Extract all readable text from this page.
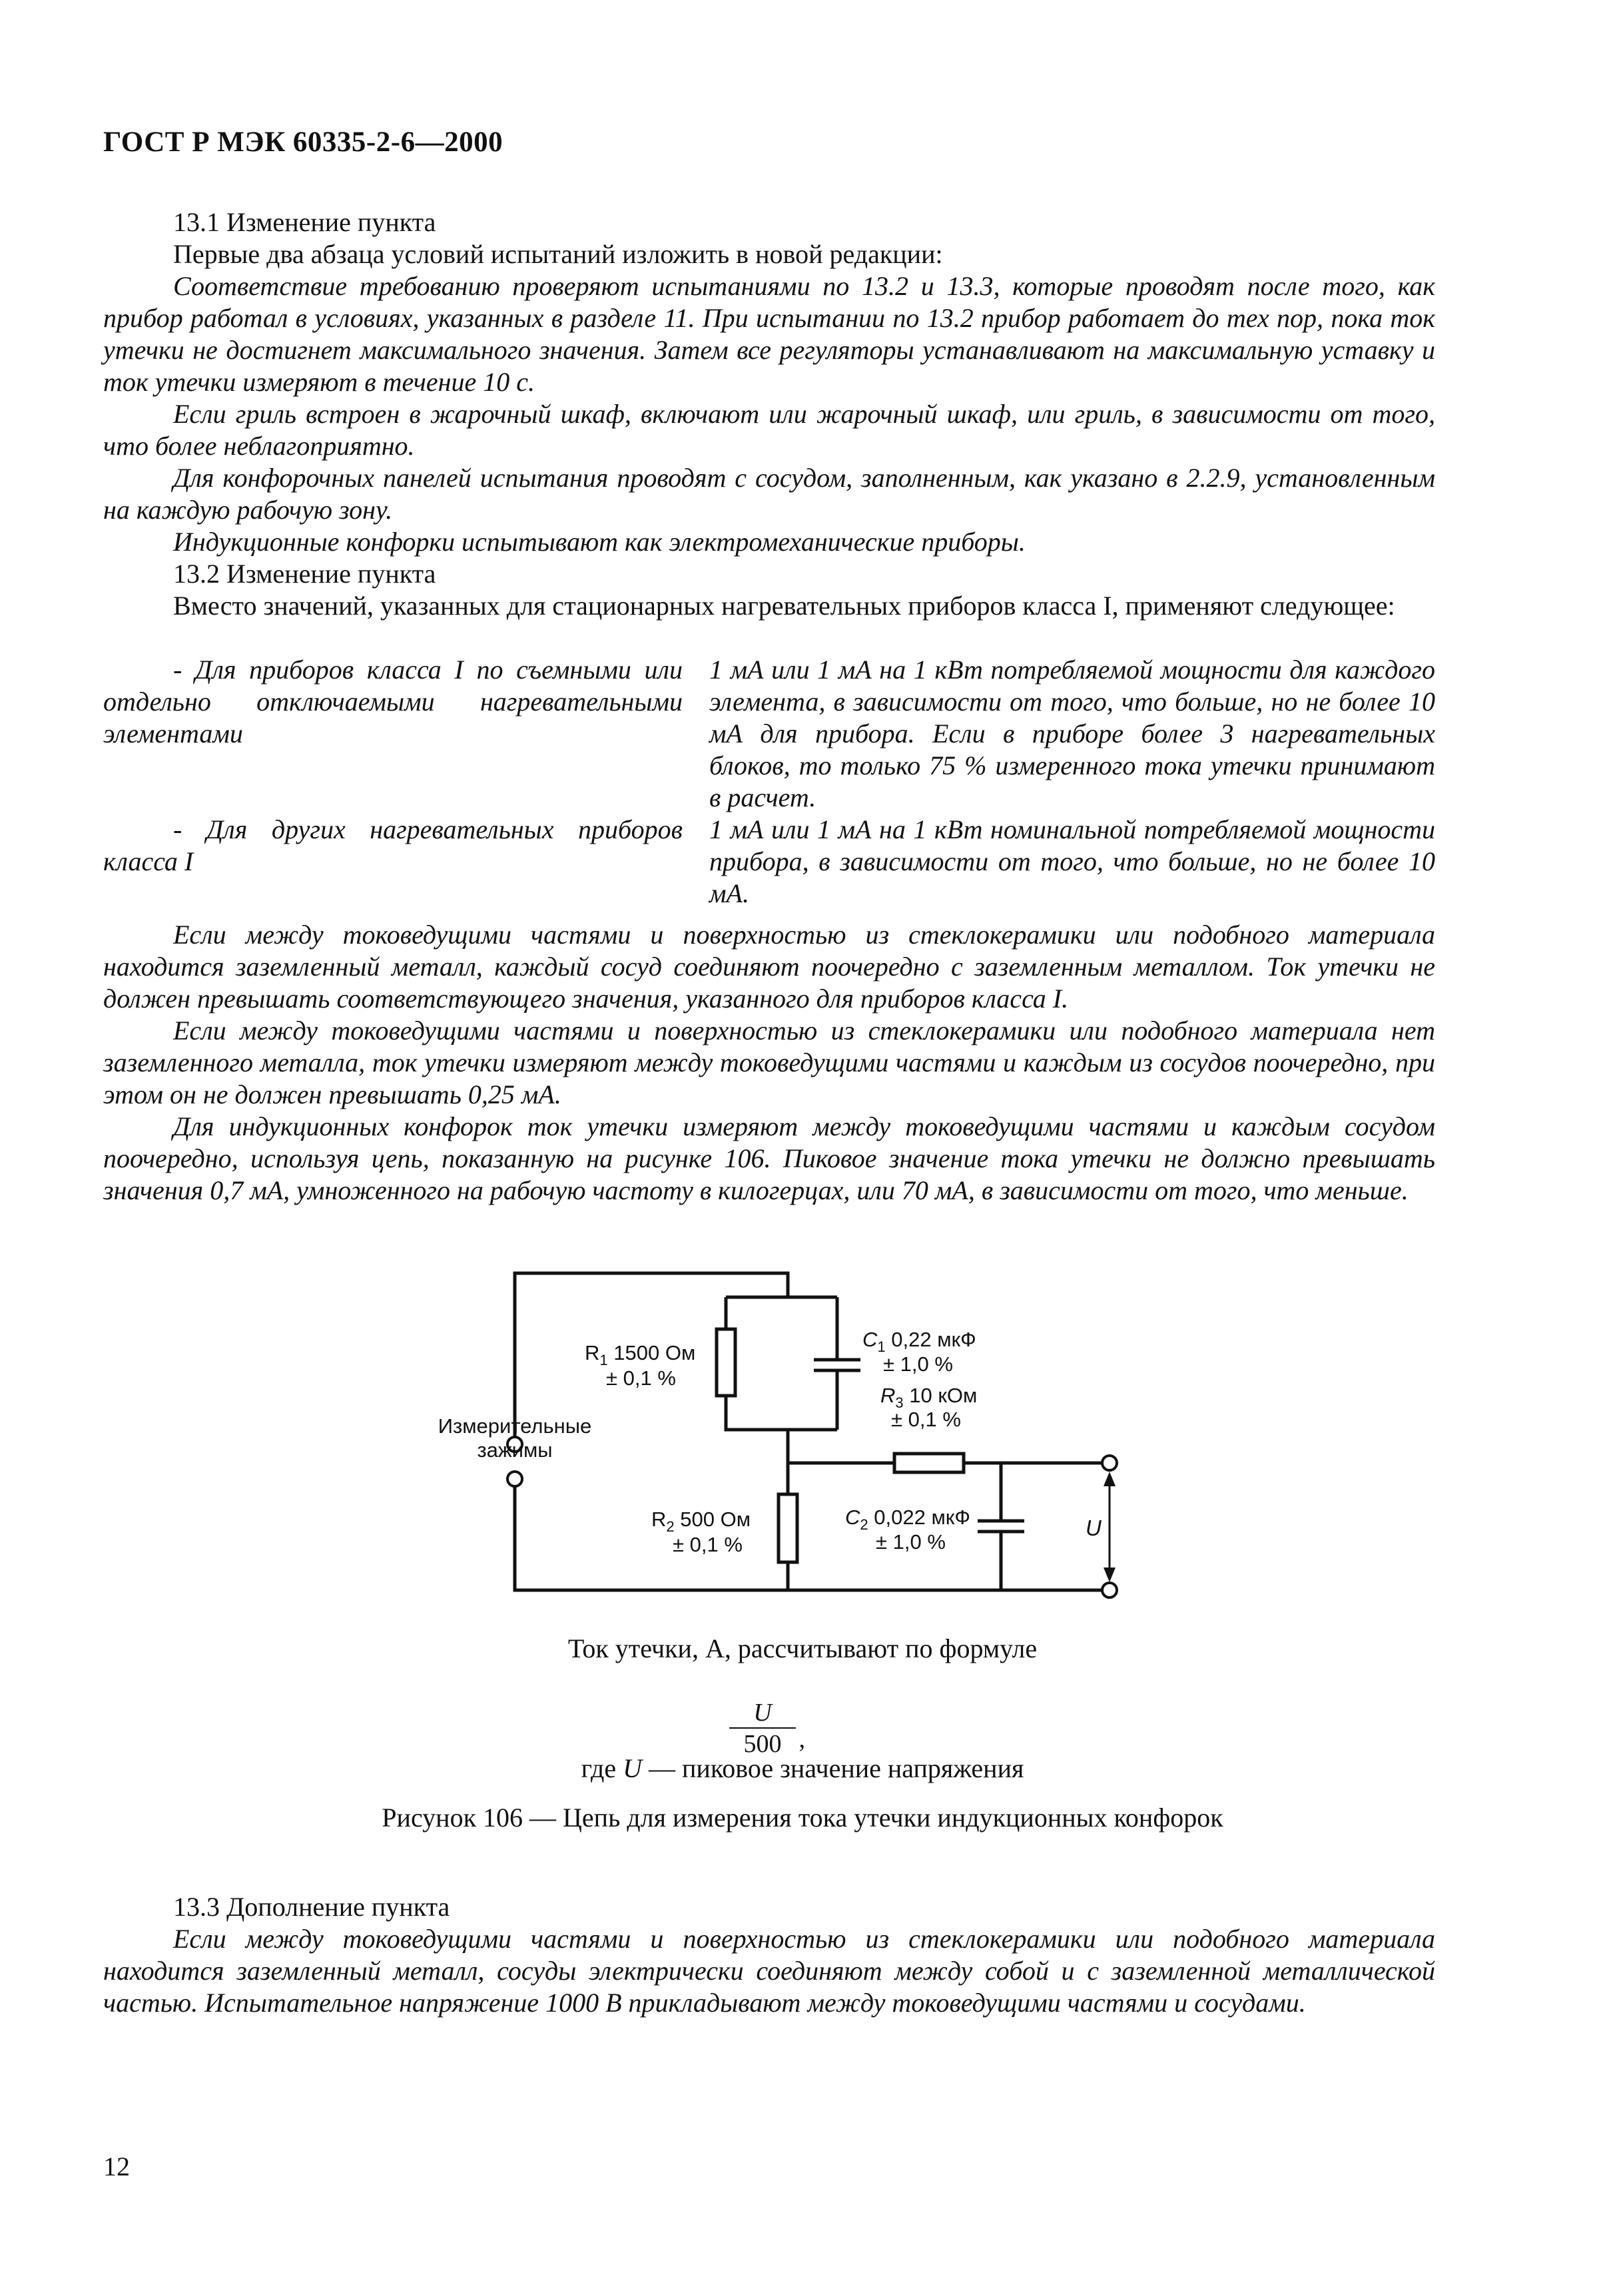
ГОСТ Р МЭК 60335-2-6—2000

13.1 Изменение пункта

Первые два абзаца условий испытаний изложить в новой редакции:

Соответствие требованию проверяют испытаниями по 13.2 и 13.3, которые проводят после того, как прибор работал в условиях, указанных в разделе 11. При испытании по 13.2 прибор работает до тех пор, пока ток утечки не достигнет максимального значения. Затем все регуляторы устанавливают на максимальную уставку и ток утечки измеряют в течение 10 с.

Если гриль встроен в жарочный шкаф, включают или жарочный шкаф, или гриль, в зависимости от того, что более неблагоприятно.

Для конфорочных панелей испытания проводят с сосудом, заполненным, как указано в 2.2.9, установленным на каждую рабочую зону.

Индукционные конфорки испытывают как электромеханические приборы.

13.2 Изменение пункта

Вместо значений, указанных для стационарных нагревательных приборов класса I, применяют следующее:

- Для приборов класса I по съемными или отдельно отключаемыми нагревательными элементами

1 мА или 1 мА на 1 кВт потребляемой мощности для каждого элемента, в зависимости от того, что больше, но не более 10 мА для прибора. Если в приборе более 3 нагревательных блоков, то только 75 % измеренного тока утечки принимают в расчет.

- Для других нагревательных приборов класса I

1 мА или 1 мА на 1 кВт номинальной потребляемой мощности прибора, в зависимости от того, что больше, но не более 10 мА.

Если между токоведущими частями и поверхностью из стеклокерамики или подобного материала находится заземленный металл, каждый сосуд соединяют поочередно с заземленным металлом. Ток утечки не должен превышать соответствующего значения, указанного для приборов класса I.

Если между токоведущими частями и поверхностью из стеклокерамики или подобного материала нет заземленного металла, ток утечки измеряют между токоведущими частями и каждым из сосудов поочередно, при этом он не должен превышать 0,25 мА.

Для индукционных конфорок ток утечки измеряют между токоведущими частями и каждым сосудом поочередно, используя цепь, показанную на рисунке 106. Пиковое значение тока утечки не должно превышать значения 0,7 мА, умноженного на рабочую частоту в килогерцах, или 70 мА, в зависимости от того, что меньше.

$R_1$ 1500 Ом
± 0,1 %
$C_1$ 0,22 мкФ
± 1,0 %
$R_3$ 10 кОм
± 0,1 %
$R_2$ 500 Ом
± 0,1 %
$C_2$ 0,022 мкФ
± 1,0 %
Измерительные
зажимы
U
Ток утечки, А, рассчитывают по формуле
U
500 ,
где U — пиковое значение напряжения
Рисунок 106 — Цепь для измерения тока утечки индукционных конфорок

13.3 Дополнение пункта

Если между токоведущими частями и поверхностью из стеклокерамики или подобного материала находится заземленный металл, сосуды электрически соединяют между собой и с заземленной металлической частью. Испытательное напряжение 1000 В прикладывают между токоведущими частями и сосудами.

12
